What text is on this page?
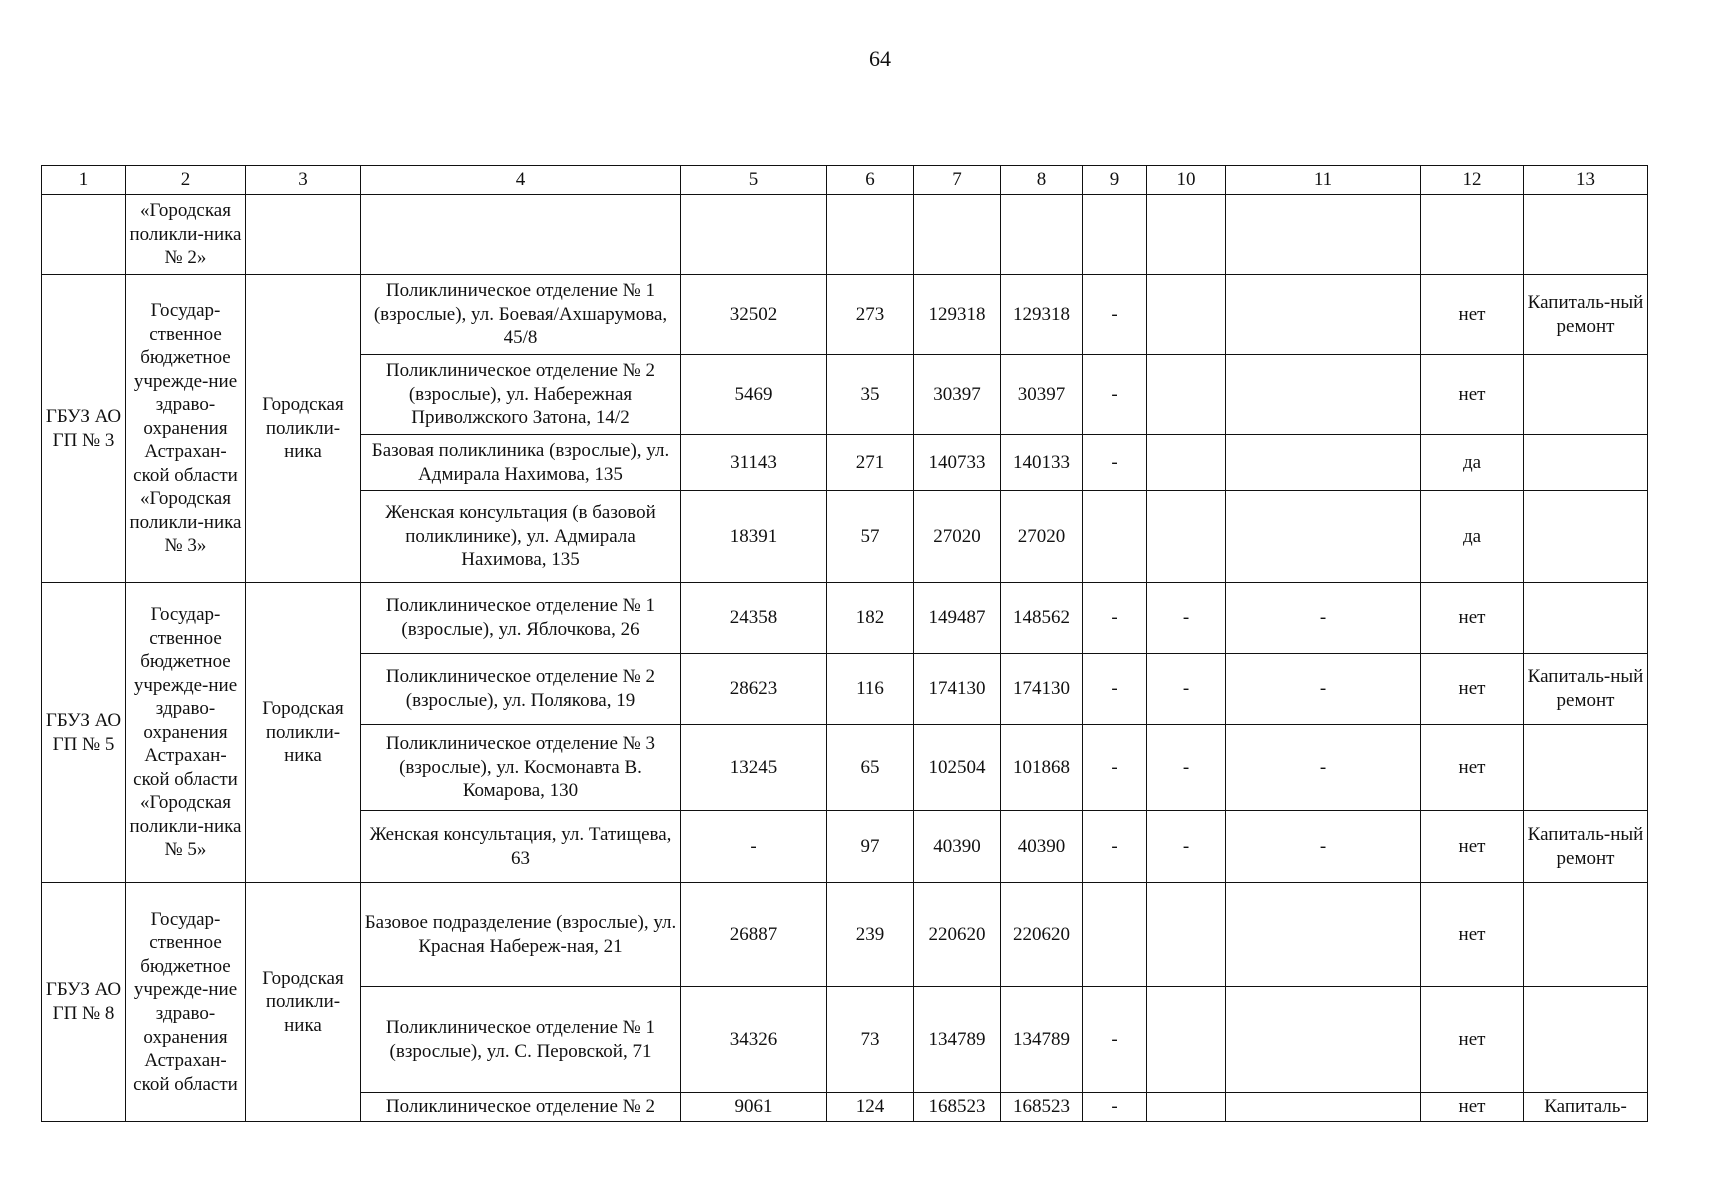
64
1	2	3	4	5	6	7	8	9	10	11	12	13
	«Городская поликли-ника № 2»											
ГБУЗ АО ГП № 3	Государ-ственное бюджетное учрежде-ние здраво-охранения Астрахан-ской области «Городская поликли-ника № 3»	Городская поликли-ника	Поликлиническое отделение № 1 (взрослые), ул. Боевая/Ахшарумова, 45/8	32502	273	129318	129318	-			нет	Капиталь-ный ремонт
			Поликлиническое отделение № 2 (взрослые), ул. Набережная Приволжского Затона, 14/2	5469	35	30397	30397	-			нет	
			Базовая поликлиника (взрослые), ул. Адмирала Нахимова, 135	31143	271	140733	140133	-			да	
			Женская консультация (в базовой поликлинике), ул. Адмирала Нахимова, 135	18391	57	27020	27020				да	
ГБУЗ АО ГП № 5	Государ-ственное бюджетное учрежде-ние здраво-охранения Астрахан-ской области «Городская поликли-ника № 5»	Городская поликли-ника	Поликлиническое отделение № 1 (взрослые), ул. Яблочкова, 26	24358	182	149487	148562	-	-	-	нет	
			Поликлиническое отделение № 2 (взрослые), ул. Полякова, 19	28623	116	174130	174130	-	-	-	нет	Капиталь-ный ремонт
			Поликлиническое отделение № 3 (взрослые), ул. Космонавта В. Комарова, 130	13245	65	102504	101868	-	-	-	нет	
			Женская консультация, ул. Татищева, 63	-	97	40390	40390	-	-	-	нет	Капиталь-ный ремонт
ГБУЗ АО ГП № 8	Государ-ственное бюджетное учрежде-ние здраво-охранения Астрахан-ской области	Городская поликли-ника	Базовое подразделение (взрослые), ул. Красная Набереж-ная, 21	26887	239	220620	220620				нет	
			Поликлиническое отделение № 1 (взрослые), ул. С. Перовской, 71	34326	73	134789	134789	-			нет	
			Поликлиническое отделение № 2	9061	124	168523	168523	-			нет	Капиталь-
